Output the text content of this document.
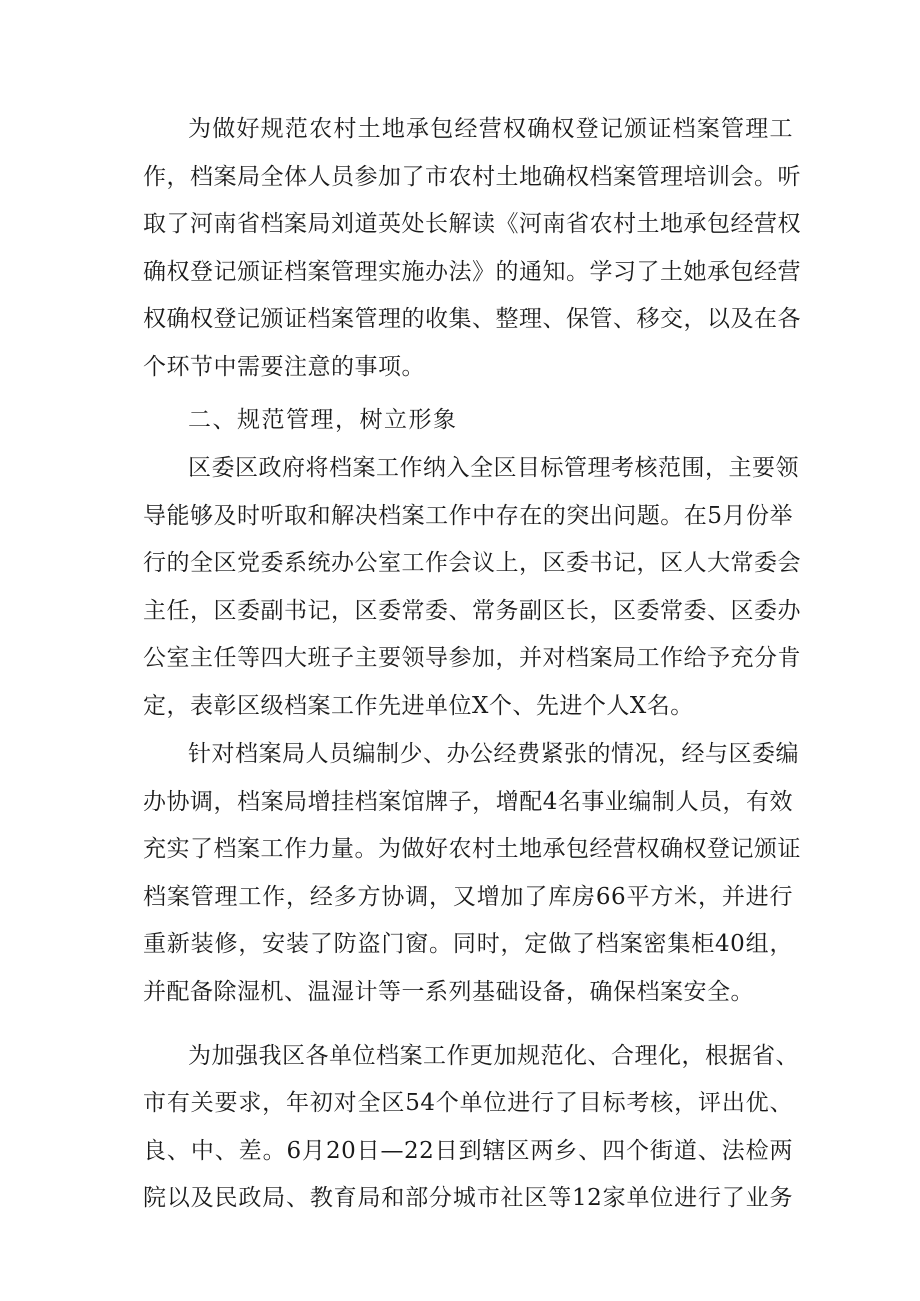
为做好规范农村土地承包经营权确权登记颁证档案管理工
作，档案局全体人员参加了市农村土地确权档案管理培训会。听
取了河南省档案局刘道英处长解读《河南省农村土地承包经营权
确权登记颁证档案管理实施办法》的通知。学习了土她承包经营
权确权登记颁证档案管理的收集、整理、保管、移交，以及在各
个环节中需要注意的事项。
二、规范管理，树立形象
区委区政府将档案工作纳入全区目标管理考核范围，主要领
导能够及时听取和解决档案工作中存在的突出问题。在5月份举
行的全区党委系统办公室工作会议上，区委书记，区人大常委会
主任，区委副书记，区委常委、常务副区长，区委常委、区委办
公室主任等四大班子主要领导参加，并对档案局工作给予充分肯
定，表彰区级档案工作先进单位X个、先进个人X名。
针对档案局人员编制少、办公经费紧张的情况，经与区委编
办协调，档案局增挂档案馆牌子，增配4名事业编制人员，有效
充实了档案工作力量。为做好农村土地承包经营权确权登记颁证
档案管理工作，经多方协调，又增加了库房66平方米，并进行
重新装修，安装了防盗门窗。同时，定做了档案密集柜40组，
并配备除湿机、温湿计等一系列基础设备，确保档案安全。
为加强我区各单位档案工作更加规范化、合理化，根据省、
市有关要求，年初对全区54个单位进行了目标考核，评出优、
良、中、差。6月20日—22日到辖区两乡、四个街道、法检两
院以及民政局、教育局和部分城市社区等12家单位进行了业务
